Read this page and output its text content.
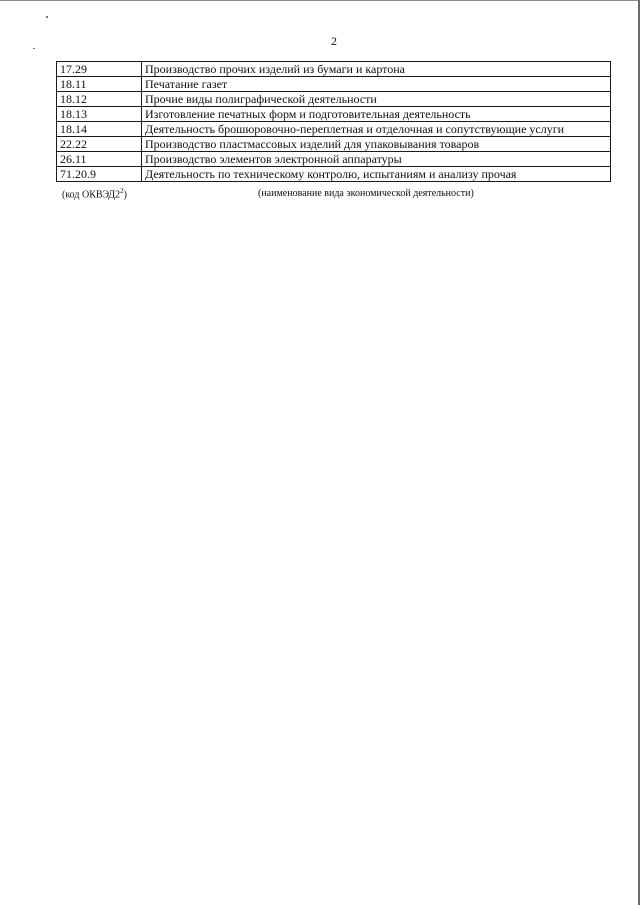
2
17.29	Производство прочих изделий из бумаги и картона
18.11	Печатание газет
18.12	Прочие виды полиграфической деятельности
18.13	Изготовление печатных форм и подготовительная деятельность
18.14	Деятельность брошюровочно-переплетная и отделочная и сопутствующие услуги
22.22	Производство пластмассовых изделий для упаковывания товаров
26.11	Производство элементов электронной аппаратуры
71.20.9	Деятельность по техническому контролю, испытаниям и анализу прочая
(код $ОКВЭД2^2$)	(наименование вида экономической деятельности)
